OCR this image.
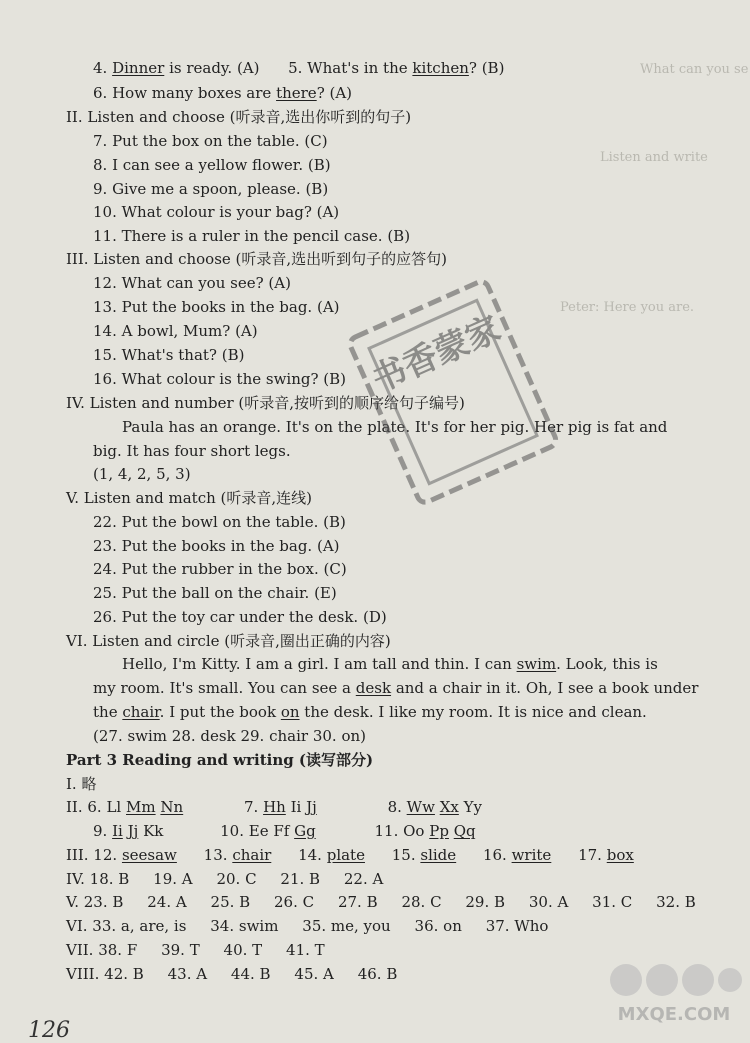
What can you se
Listen and write
Peter: Here you are.
4. Dinner is ready. (A) 5. What's in the kitchen? (B)
6. How many boxes are there? (A)
II. Listen and choose (听录音,选出你听到的句子)
7. Put the box on the table. (C)
8. I can see a yellow flower. (B)
9. Give me a spoon, please. (B)
10. What colour is your bag? (A)
11. There is a ruler in the pencil case. (B)
III. Listen and choose (听录音,选出听到句子的应答句)
12. What can you see? (A)
13. Put the books in the bag. (A)
14. A bowl, Mum? (A)
15. What's that? (B)
16. What colour is the swing? (B)
IV. Listen and number (听录音,按听到的顺序给句子编号)
Paula has an orange. It's on the plate. It's for her pig. Her pig is fat and
big. It has four short legs.
(1, 4, 2, 5, 3)
V. Listen and match (听录音,连线)
22. Put the bowl on the table. (B)
23. Put the books in the bag. (A)
24. Put the rubber in the box. (C)
25. Put the ball on the chair. (E)
26. Put the toy car under the desk. (D)
VI. Listen and circle (听录音,圈出正确的内容)
Hello, I'm Kitty. I am a girl. I am tall and thin. I can swim. Look, this is
my room. It's small. You can see a desk and a chair in it. Oh, I see a book under
the chair. I put the book on the desk. I like my room. It is nice and clean.
(27. swim 28. desk 29. chair 30. on)
Part 3 Reading and writing (读写部分)
I. 略
II. 6. Ll Mm Nn	7. Hh Ii Jj	8. Ww Xx Yy
9. Ii Jj Kk	10. Ee Ff Gg	11. Oo Pp Qq
III. 12. seesaw 13. chair 14. plate 15. slide 16. write 17. box
IV. 18. B     19. A     20. C     21. B     22. A
V. 23. B     24. A     25. B     26. C     27. B     28. C     29. B     30. A     31. C     32. B
VI. 33. a, are, is     34. swim     35. me, you     36. on     37. Who
VII. 38. F     39. T     40. T     41. T
VIII. 42. B     43. A     44. B     45. A     46. B
书香蒙家
126
MXQE.COM
